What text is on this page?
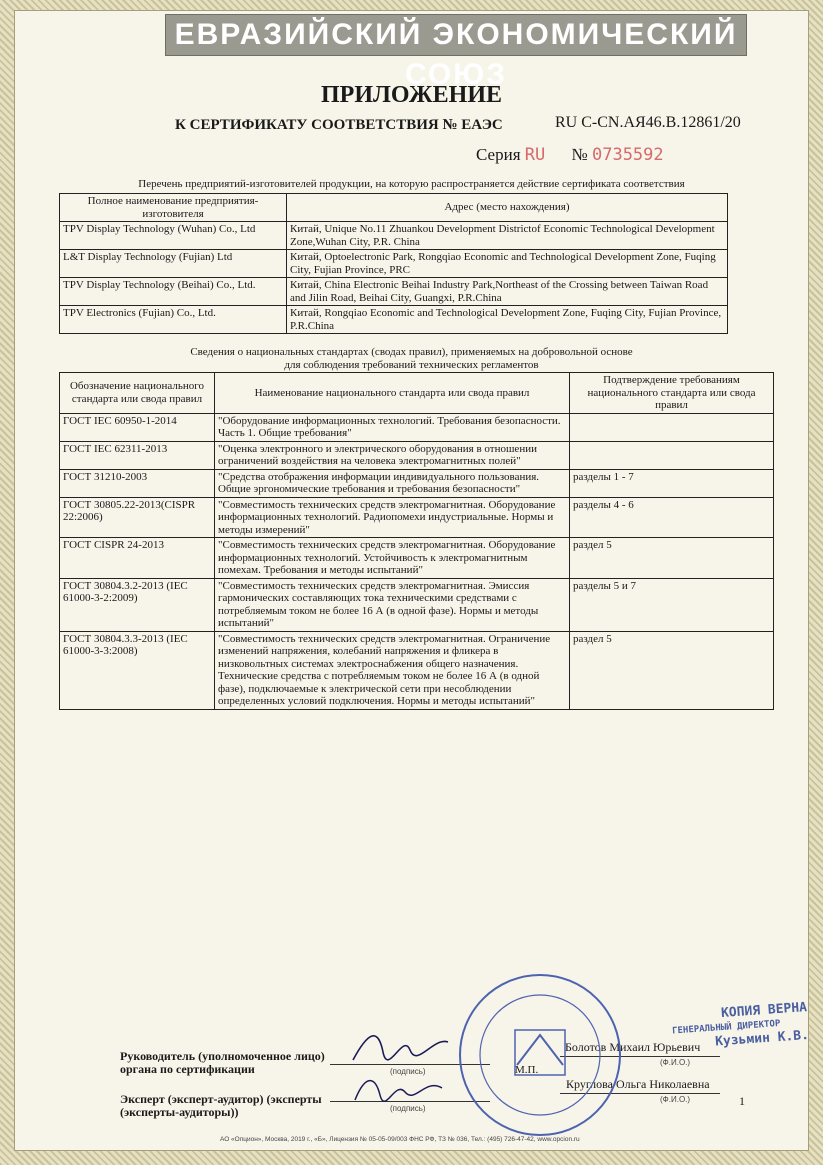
ЕВРАЗИЙСКИЙ ЭКОНОМИЧЕСКИЙ СОЮЗ
ПРИЛОЖЕНИЕ
К СЕРТИФИКАТУ СООТВЕТСТВИЯ № ЕАЭС	RU C-CN.АЯ46.B.12861/20
Серия RU № 0735592
Перечень предприятий-изготовителей продукции, на которую распространяется действие сертификата соответствия
Полное наименование предприятия-изготовителя	Адрес (место нахождения)
TPV Display Technology (Wuhan) Co., Ltd	Китай, Unique No.11 Zhuankou Development Districtof Economic Technological Development Zone,Wuhan City, P.R. China
L&T Display Technology (Fujian) Ltd	Китай, Optoelectronic Park, Rongqiao Economic and Technological Development Zone, Fuqing City, Fujian Province, PRC
TPV Display Technology (Beihai) Co., Ltd.	Китай, China Electronic Beihai Industry Park,Northeast of the Crossing between Taiwan Road and Jilin Road, Beihai City, Guangxi, P.R.China
TPV Electronics (Fujian) Co., Ltd.	Китай, Rongqiao Economic and Technological Development Zone, Fuqing City, Fujian Province, P.R.China
Сведения о национальных стандартах (сводах правил), применяемых на добровольной основе
для соблюдения требований технических регламентов
Обозначение национального стандарта или свода правил	Наименование национального стандарта или свода правил	Подтверждение требованиям национального стандарта или свода правил
ГОСТ IEC 60950-1-2014	"Оборудование информационных технологий. Требования безопасности. Часть 1. Общие требования"	
ГОСТ IEC 62311-2013	"Оценка электронного и электрического оборудования в отношении ограничений воздействия на человека электромагнитных полей"	
ГОСТ 31210-2003	"Средства отображения информации индивидуального пользования. Общие эргономические требования и требования безопасности"	разделы 1 - 7
ГОСТ 30805.22-2013(CISPR 22:2006)	"Совместимость технических средств электромагнитная. Оборудование информационных технологий. Радиопомехи индустриальные. Нормы и методы измерений"	разделы 4 - 6
ГОСТ CISPR 24-2013	"Совместимость технических средств электромагнитная. Оборудование информационных технологий. Устойчивость к электромагнитным помехам. Требования и методы испытаний"	раздел 5
ГОСТ 30804.3.2-2013 (IEC 61000-3-2:2009)	"Совместимость технических средств электромагнитная. Эмиссия гармонических составляющих тока техническими средствами с потребляемым током не более 16 А (в одной фазе). Нормы и методы испытаний"	разделы 5 и 7
ГОСТ 30804.3.3-2013 (IEC 61000-3-3:2008)	"Совместимость технических средств электромагнитная. Ограничение изменений напряжения, колебаний напряжения и фликера в низковольтных системах электроснабжения общего назначения. Технические средства с потребляемым током не более 16 А (в одной фазе), подключаемые к электрической сети при несоблюдении определенных условий подключения. Нормы и методы испытаний"	раздел 5
Руководитель (уполномоченное лицо) органа по сертификации	(подпись)
Болотов Михаил Юрьевич
(Ф.И.О.)
Эксперт (эксперт-аудитор) (эксперты (эксперты-аудиторы))	(подпись)
Круглова Ольга Николаевна
(Ф.И.О.)
М.П.
КОПИЯ ВЕРНА
ГЕНЕРАЛЬНЫЙ ДИРЕКТОР
Кузьмин К.В.
1
АО «Опцион», Москва, 2019 г., «Б», Лицензия № 05-05-09/003 ФНС РФ, ТЗ № 036, Тел.: (495) 726-47-42, www.opcion.ru
